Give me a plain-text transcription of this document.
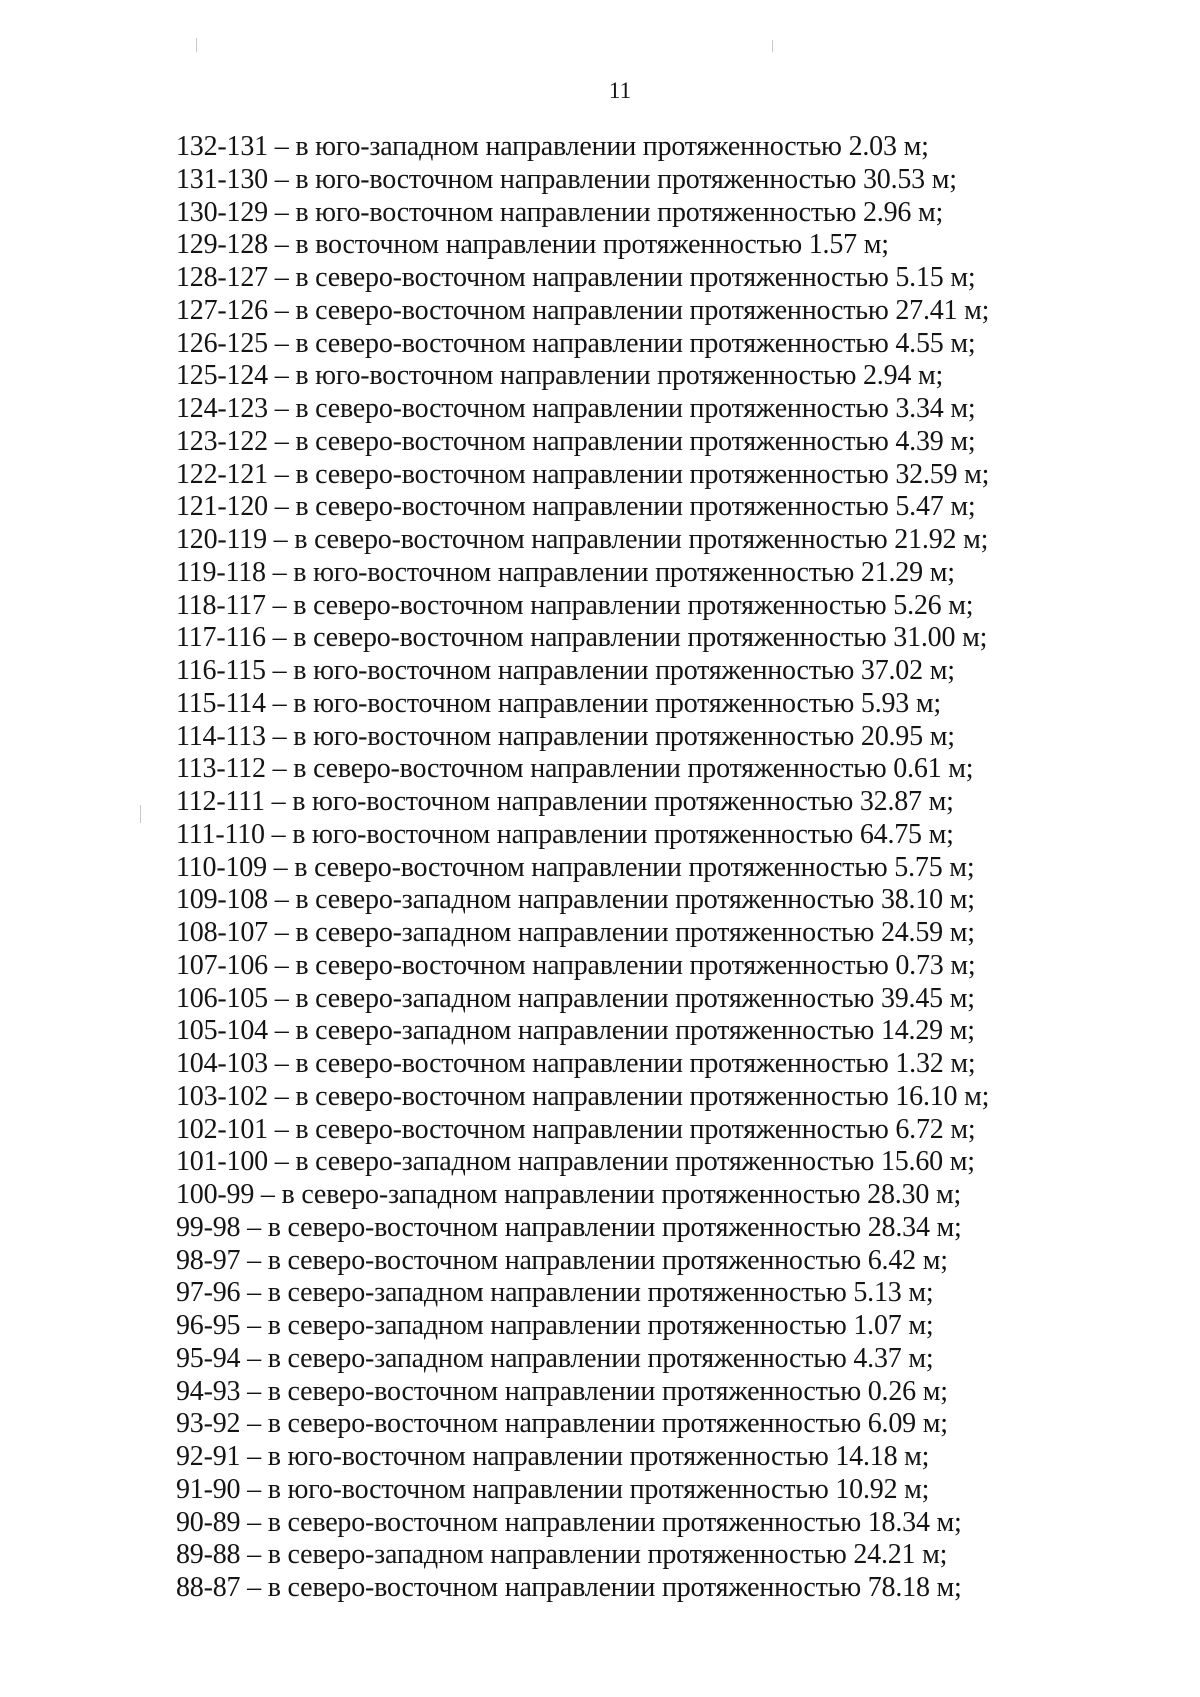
11
132-131 – в юго-западном направлении протяженностью 2.03 м;
131-130 – в юго-восточном направлении протяженностью 30.53 м;
130-129 – в юго-восточном направлении протяженностью 2.96 м;
129-128 – в восточном направлении протяженностью 1.57 м;
128-127 – в северо-восточном направлении протяженностью 5.15 м;
127-126 – в северо-восточном направлении протяженностью 27.41 м;
126-125 – в северо-восточном направлении протяженностью 4.55 м;
125-124 – в юго-восточном направлении протяженностью 2.94 м;
124-123 – в северо-восточном направлении протяженностью 3.34 м;
123-122 – в северо-восточном направлении протяженностью 4.39 м;
122-121 – в северо-восточном направлении протяженностью 32.59 м;
121-120 – в северо-восточном направлении протяженностью 5.47 м;
120-119 – в северо-восточном направлении протяженностью 21.92 м;
119-118 – в юго-восточном направлении протяженностью 21.29 м;
118-117 – в северо-восточном направлении протяженностью 5.26 м;
117-116 – в северо-восточном направлении протяженностью 31.00 м;
116-115 – в юго-восточном направлении протяженностью 37.02 м;
115-114 – в юго-восточном направлении протяженностью 5.93 м;
114-113 – в юго-восточном направлении протяженностью 20.95 м;
113-112 – в северо-восточном направлении протяженностью 0.61 м;
112-111 – в юго-восточном направлении протяженностью 32.87 м;
111-110 – в юго-восточном направлении протяженностью 64.75 м;
110-109 – в северо-восточном направлении протяженностью 5.75 м;
109-108 – в северо-западном направлении протяженностью 38.10 м;
108-107 – в северо-западном направлении протяженностью 24.59 м;
107-106 – в северо-восточном направлении протяженностью 0.73 м;
106-105 – в северо-западном направлении протяженностью 39.45 м;
105-104 – в северо-западном направлении протяженностью 14.29 м;
104-103 – в северо-восточном направлении протяженностью 1.32 м;
103-102 – в северо-восточном направлении протяженностью 16.10 м;
102-101 – в северо-восточном направлении протяженностью 6.72 м;
101-100 – в северо-западном направлении протяженностью 15.60 м;
100-99 – в северо-западном направлении протяженностью 28.30 м;
99-98 – в северо-восточном направлении протяженностью 28.34 м;
98-97 – в северо-восточном направлении протяженностью 6.42 м;
97-96 – в северо-западном направлении протяженностью 5.13 м;
96-95 – в северо-западном направлении протяженностью 1.07 м;
95-94 – в северо-западном направлении протяженностью 4.37 м;
94-93 – в северо-восточном направлении протяженностью 0.26 м;
93-92 – в северо-восточном направлении протяженностью 6.09 м;
92-91 – в юго-восточном направлении протяженностью 14.18 м;
91-90 – в юго-восточном направлении протяженностью 10.92 м;
90-89 – в северо-восточном направлении протяженностью 18.34 м;
89-88 – в северо-западном направлении протяженностью 24.21 м;
88-87 – в северо-восточном направлении протяженностью 78.18 м;
